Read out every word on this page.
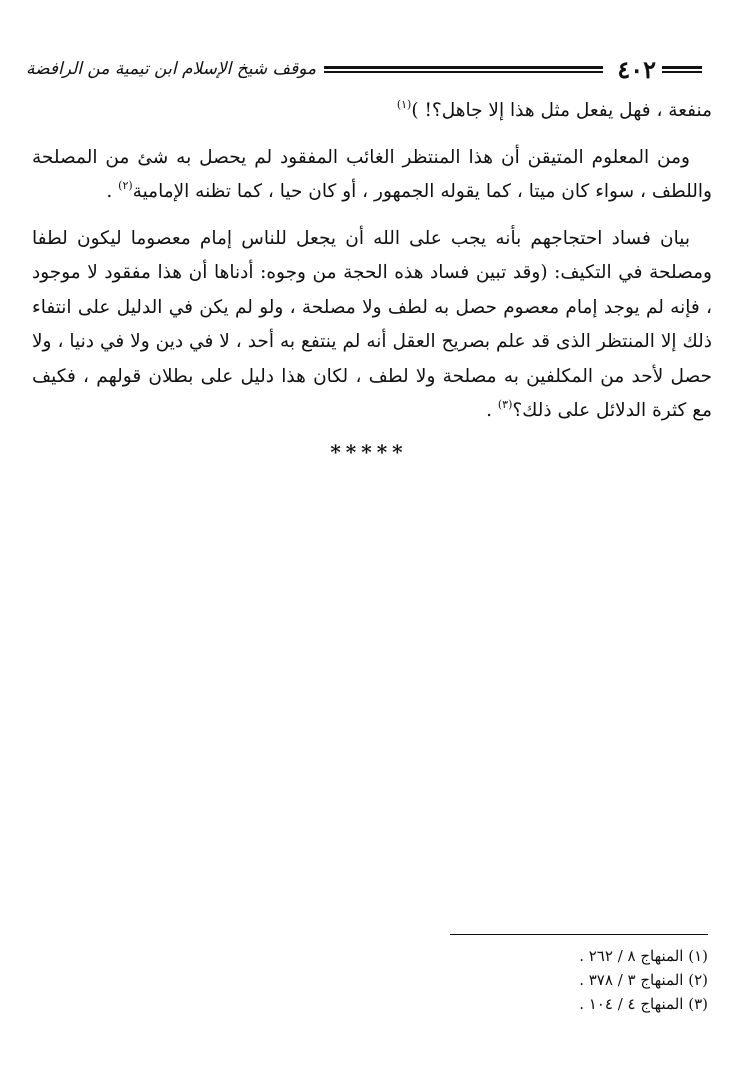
٤٠٢
موقف شيخ الإسلام ابن تيمية من الرافضة

منفعة ، فهل يفعل مثل هذا إلا جاهل؟! )$^{(١)}$

ومن المعلوم المتيقن أن هذا المنتظر الغائب المفقود لم يحصل به شئ من المصلحة واللطف ، سواء كان ميتا ، كما يقوله الجمهور ، أو كان حيا ، كما تظنه الإمامية$^{(٢)}$ .

بيان فساد احتجاجهم بأنه يجب على الله أن يجعل للناس إمام معصوما ليكون لطفا ومصلحة في التكيف: (وقد تبين فساد هذه الحجة من وجوه: أدناها أن هذا مفقود لا موجود ، فإنه لم يوجد إمام معصوم حصل به لطف ولا مصلحة ، ولو لم يكن في الدليل على انتفاء ذلك إلا المنتظر الذى قد علم بصريح العقل أنه لم ينتفع به أحد ، لا في دين ولا في دنيا ، ولا حصل لأحد من المكلفين به مصلحة ولا لطف ، لكان هذا دليل على بطلان قولهم ، فكيف مع كثرة الدلائل على ذلك؟$^{(٣)}$ .

*****

(١) المنهاج ٨ / ٢٦٢ .

(٢) المنهاج ٣ / ٣٧٨ .

(٣) المنهاج ٤ / ١٠٤ .
